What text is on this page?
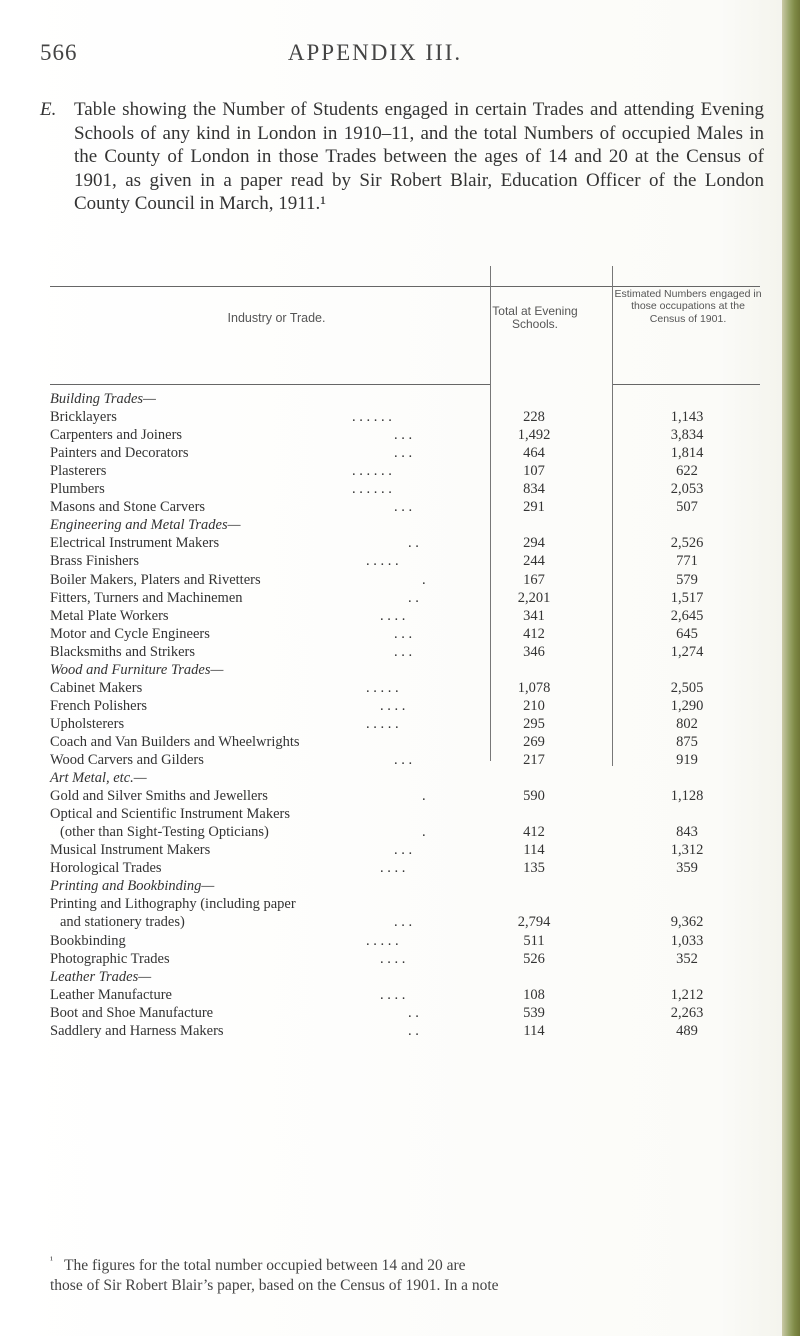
566	APPENDIX III.
E. Table showing the Number of Students engaged in certain Trades and attending Evening Schools of any kind in London in 1910–11, and the total Numbers of occupied Males in the County of London in those Trades between the ages of 14 and 20 at the Census of 1901, as given in a paper read by Sir Robert Blair, Education Officer of the London County Council in March, 1911.¹
Industry or Trade.	Total at Evening Schools.
Estimated Numbers engaged in those occupations at the Census of 1901.
Building Trades—
Bricklayers	. . . . . .	228	1,143
Carpenters and Joiners	. . .	1,492	3,834
Painters and Decorators	. . .	464	1,814
Plasterers	. . . . . .	107	622
Plumbers	. . . . . .	834	2,053
Masons and Stone Carvers	. . .	291	507
Engineering and Metal Trades—
Electrical Instrument Makers	. .	294	2,526
Brass Finishers	. . . . .	244	771
Boiler Makers, Platers and Rivetters	.	167	579
Fitters, Turners and Machinemen	. .	2,201	1,517
Metal Plate Workers	. . . .	341	2,645
Motor and Cycle Engineers	. . .	412	645
Blacksmiths and Strikers	. . .	346	1,274
Wood and Furniture Trades—
Cabinet Makers	. . . . .	1,078	2,505
French Polishers	. . . .	210	1,290
Upholsterers	. . . . .	295	802
Coach and Van Builders and Wheelwrights	269	875
Wood Carvers and Gilders	. . .	217	919
Art Metal, etc.—
Gold and Silver Smiths and Jewellers	.	590	1,128
Optical and Scientific Instrument Makers
(other than Sight-Testing Opticians)	.	412	843
Musical Instrument Makers	. . .	114	1,312
Horological Trades	. . . .	135	359
Printing and Bookbinding—
Printing and Lithography (including paper
and stationery trades)	. . .	2,794	9,362
Bookbinding	. . . . .	511	1,033
Photographic Trades	. . . .	526	352
Leather Trades—
Leather Manufacture	. . . .	108	1,212
Boot and Shoe Manufacture	. .	539	2,263
Saddlery and Harness Makers	. .	114	489
¹ The figures for the total number occupied between 14 and 20 are
those of Sir Robert Blair’s paper, based on the Census of 1901. In a note
